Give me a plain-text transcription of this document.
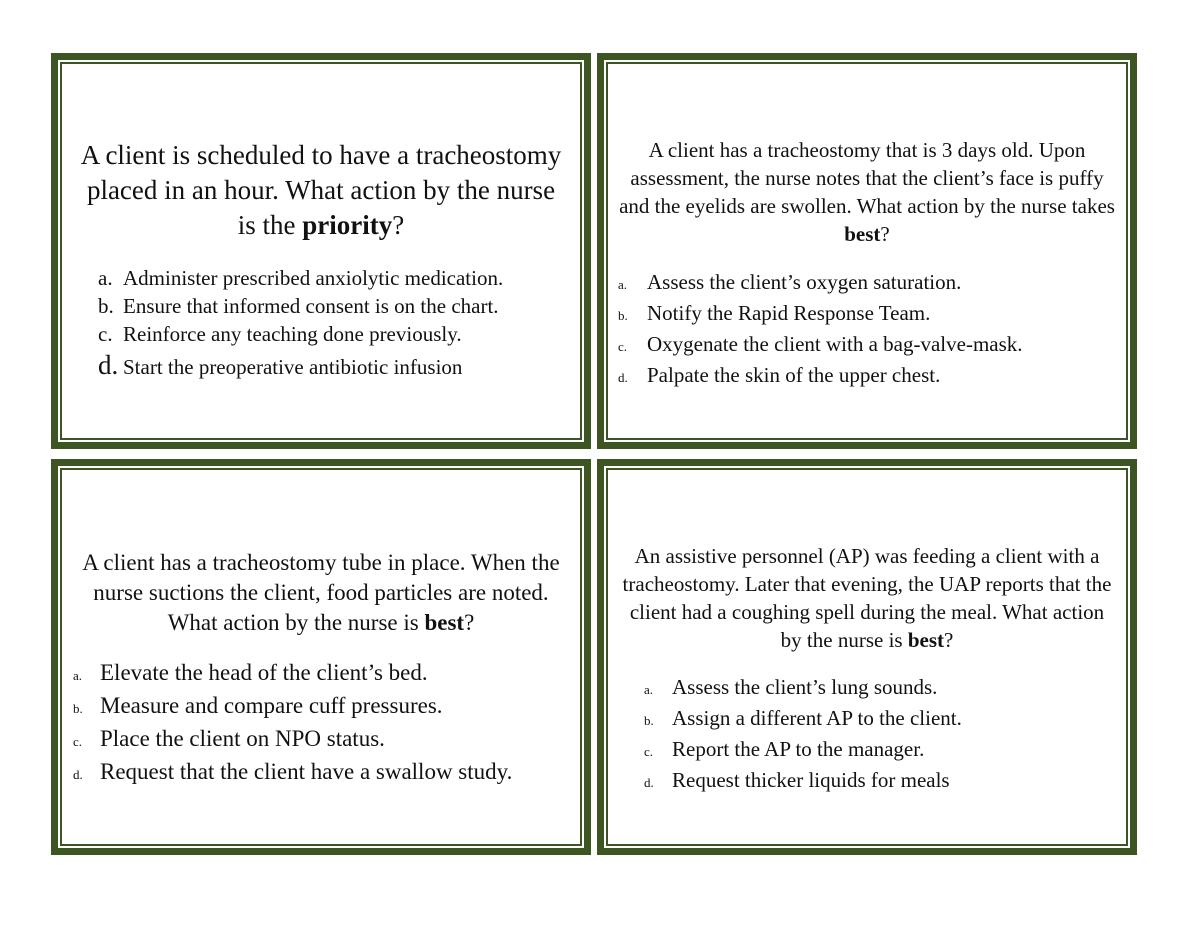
A client is scheduled to have a tracheostomy placed in an hour. What action by the nurse is the priority?

a. Administer prescribed anxiolytic medication.
b. Ensure that informed consent is on the chart.
c. Reinforce any teaching done previously.
d. Start the preoperative antibiotic infusion

A client has a tracheostomy that is 3 days old. Upon assessment, the nurse notes that the client’s face is puffy and the eyelids are swollen. What action by the nurse takes best?

a. Assess the client’s oxygen saturation.
b. Notify the Rapid Response Team.
c. Oxygenate the client with a bag-valve-mask.
d. Palpate the skin of the upper chest.

A client has a tracheostomy tube in place. When the nurse suctions the client, food particles are noted. What action by the nurse is best?

a. Elevate the head of the client’s bed.
b. Measure and compare cuff pressures.
c. Place the client on NPO status.
d. Request that the client have a swallow study.

An assistive personnel (AP) was feeding a client with a tracheostomy. Later that evening, the UAP reports that the client had a coughing spell during the meal. What action by the nurse is best?

a. Assess the client’s lung sounds.
b. Assign a different AP to the client.
c. Report the AP to the manager.
d. Request thicker liquids for meals
